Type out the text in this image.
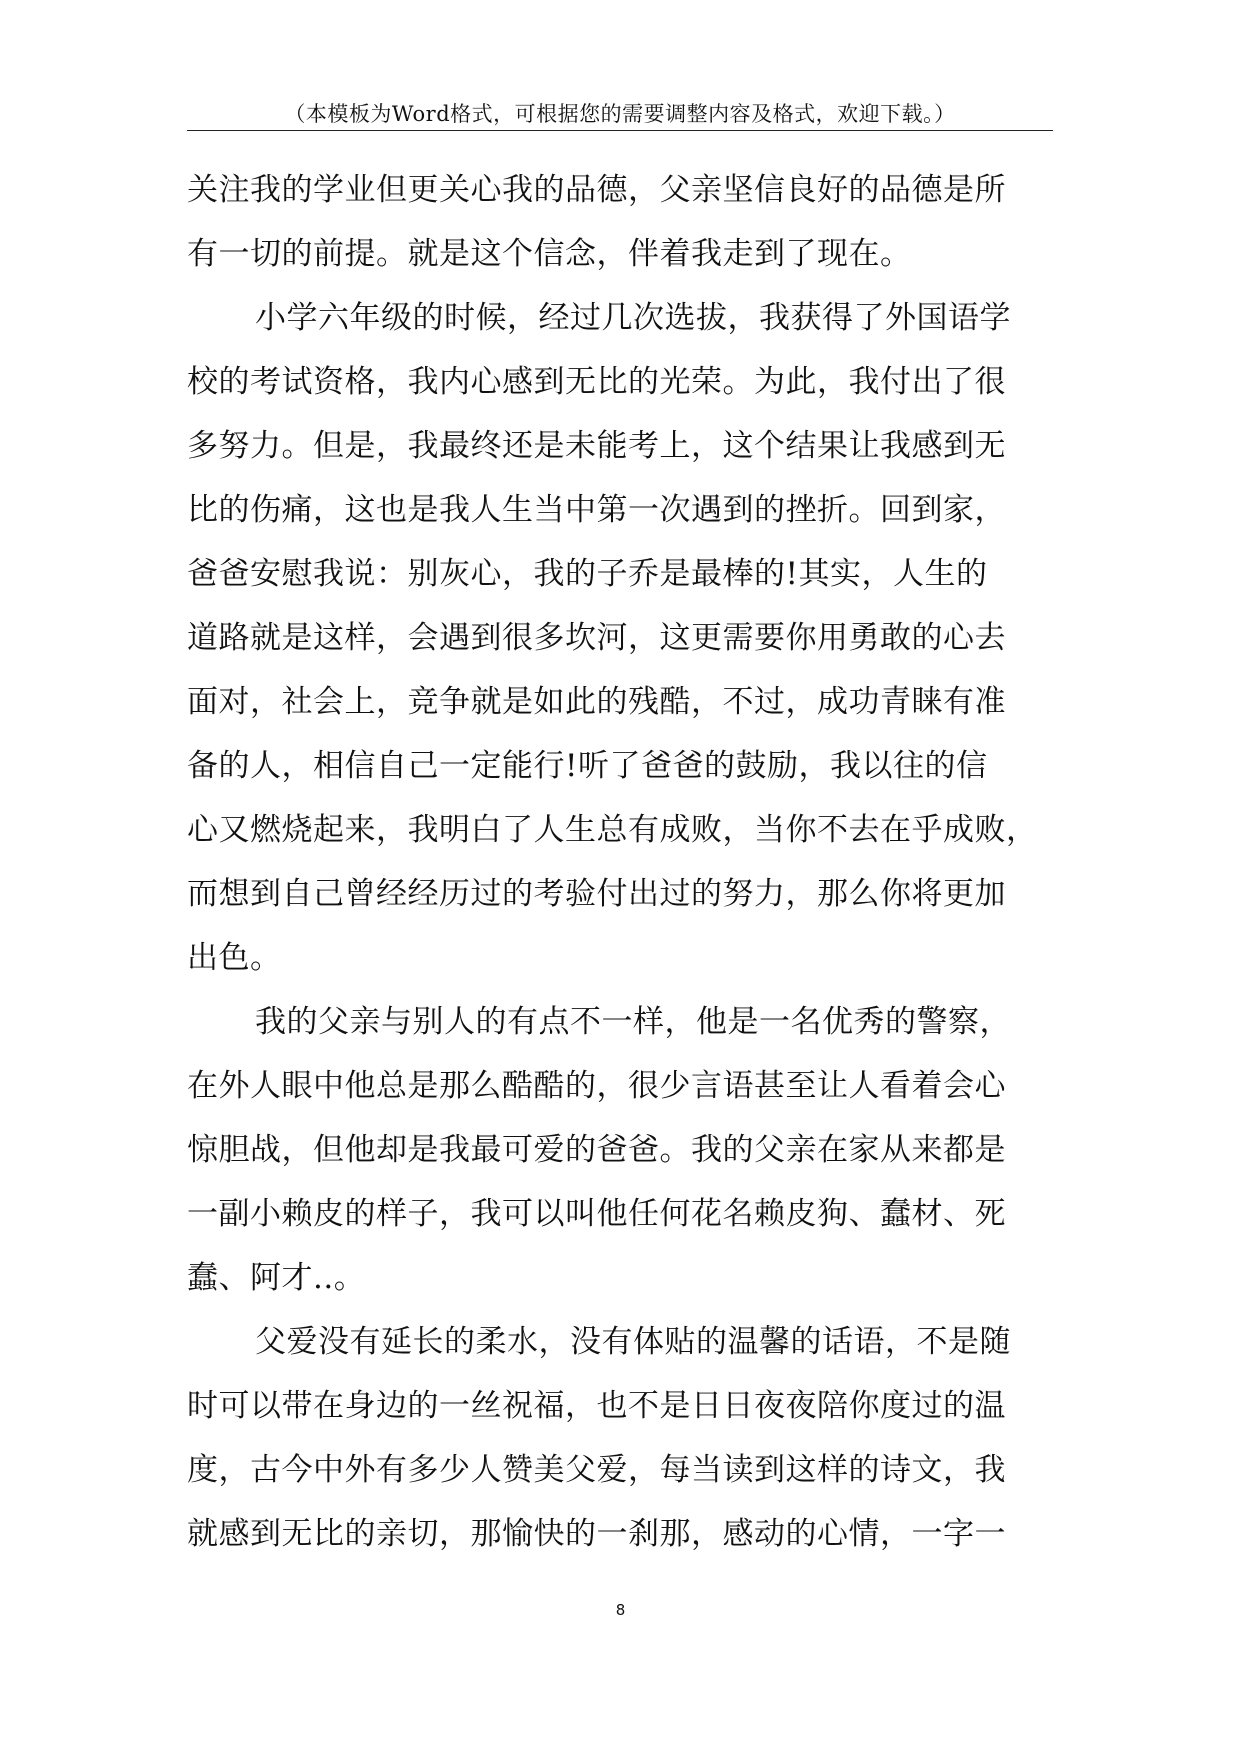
（本模板为Word格式，可根据您的需要调整内容及格式，欢迎下载。）
关注我的学业但更关心我的品德，父亲坚信良好的品德是所
有一切的前提。就是这个信念，伴着我走到了现在。
小学六年级的时候，经过几次选拔，我获得了外国语学
校的考试资格，我内心感到无比的光荣。为此，我付出了很
多努力。但是，我最终还是未能考上，这个结果让我感到无
比的伤痛，这也是我人生当中第一次遇到的挫折。回到家，
爸爸安慰我说：别灰心，我的子乔是最棒的!其实，人生的
道路就是这样，会遇到很多坎河，这更需要你用勇敢的心去
面对，社会上，竞争就是如此的残酷，不过，成功青睐有准
备的人，相信自己一定能行!听了爸爸的鼓励，我以往的信
心又燃烧起来，我明白了人生总有成败，当你不去在乎成败，
而想到自己曾经经历过的考验付出过的努力，那么你将更加
出色。
我的父亲与别人的有点不一样，他是一名优秀的警察，
在外人眼中他总是那么酷酷的，很少言语甚至让人看着会心
惊胆战，但他却是我最可爱的爸爸。我的父亲在家从来都是
一副小赖皮的样子，我可以叫他任何花名赖皮狗、蠢材、死
蠢、阿才..。
父爱没有延长的柔水，没有体贴的温馨的话语，不是随
时可以带在身边的一丝祝福，也不是日日夜夜陪你度过的温
度，古今中外有多少人赞美父爱，每当读到这样的诗文，我
就感到无比的亲切，那愉快的一刹那，感动的心情，一字一
8
